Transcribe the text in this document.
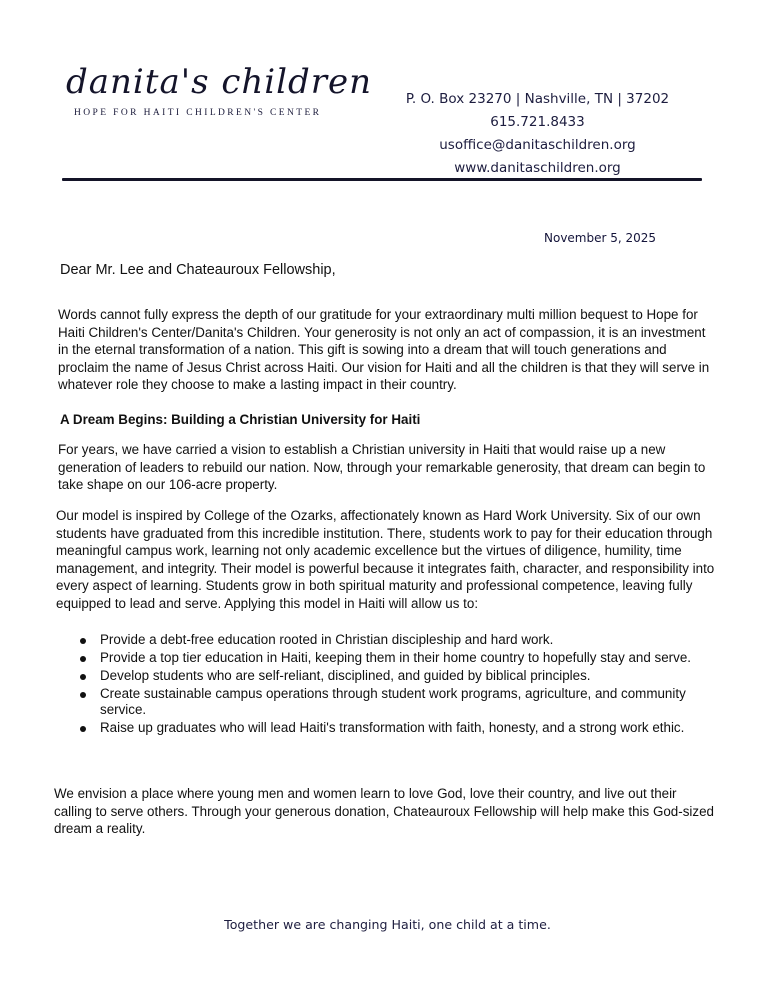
danita's children
HOPE FOR HAITI CHILDREN'S CENTER
P. O. Box 23270 | Nashville, TN | 37202
615.721.8433
usoffice@danitaschildren.org
www.danitaschildren.org
November 5, 2025
Dear Mr. Lee and Chateauroux Fellowship,
Words cannot fully express the depth of our gratitude for your extraordinary multi million bequest to Hope for Haiti Children's Center/Danita's Children. Your generosity is not only an act of compassion, it is an investment in the eternal transformation of a nation. This gift is sowing into a dream that will touch generations and proclaim the name of Jesus Christ across Haiti. Our vision for Haiti and all the children is that they will serve in whatever role they choose to make a lasting impact in their country.
A Dream Begins: Building a Christian University for Haiti
For years, we have carried a vision to establish a Christian university in Haiti that would raise up a new generation of leaders to rebuild our nation. Now, through your remarkable generosity, that dream can begin to take shape on our 106-acre property.
Our model is inspired by College of the Ozarks, affectionately known as Hard Work University. Six of our own students have graduated from this incredible institution. There, students work to pay for their education through meaningful campus work, learning not only academic excellence but the virtues of diligence, humility, time management, and integrity. Their model is powerful because it integrates faith, character, and responsibility into every aspect of learning. Students grow in both spiritual maturity and professional competence, leaving fully equipped to lead and serve. Applying this model in Haiti will allow us to:
Provide a debt-free education rooted in Christian discipleship and hard work.
Provide a top tier education in Haiti, keeping them in their home country to hopefully stay and serve.
Develop students who are self-reliant, disciplined, and guided by biblical principles.
Create sustainable campus operations through student work programs, agriculture, and community service.
Raise up graduates who will lead Haiti's transformation with faith, honesty, and a strong work ethic.
We envision a place where young men and women learn to love God, love their country, and live out their calling to serve others. Through your generous donation, Chateauroux Fellowship will help make this God-sized dream a reality.
Together we are changing Haiti, one child at a time.
